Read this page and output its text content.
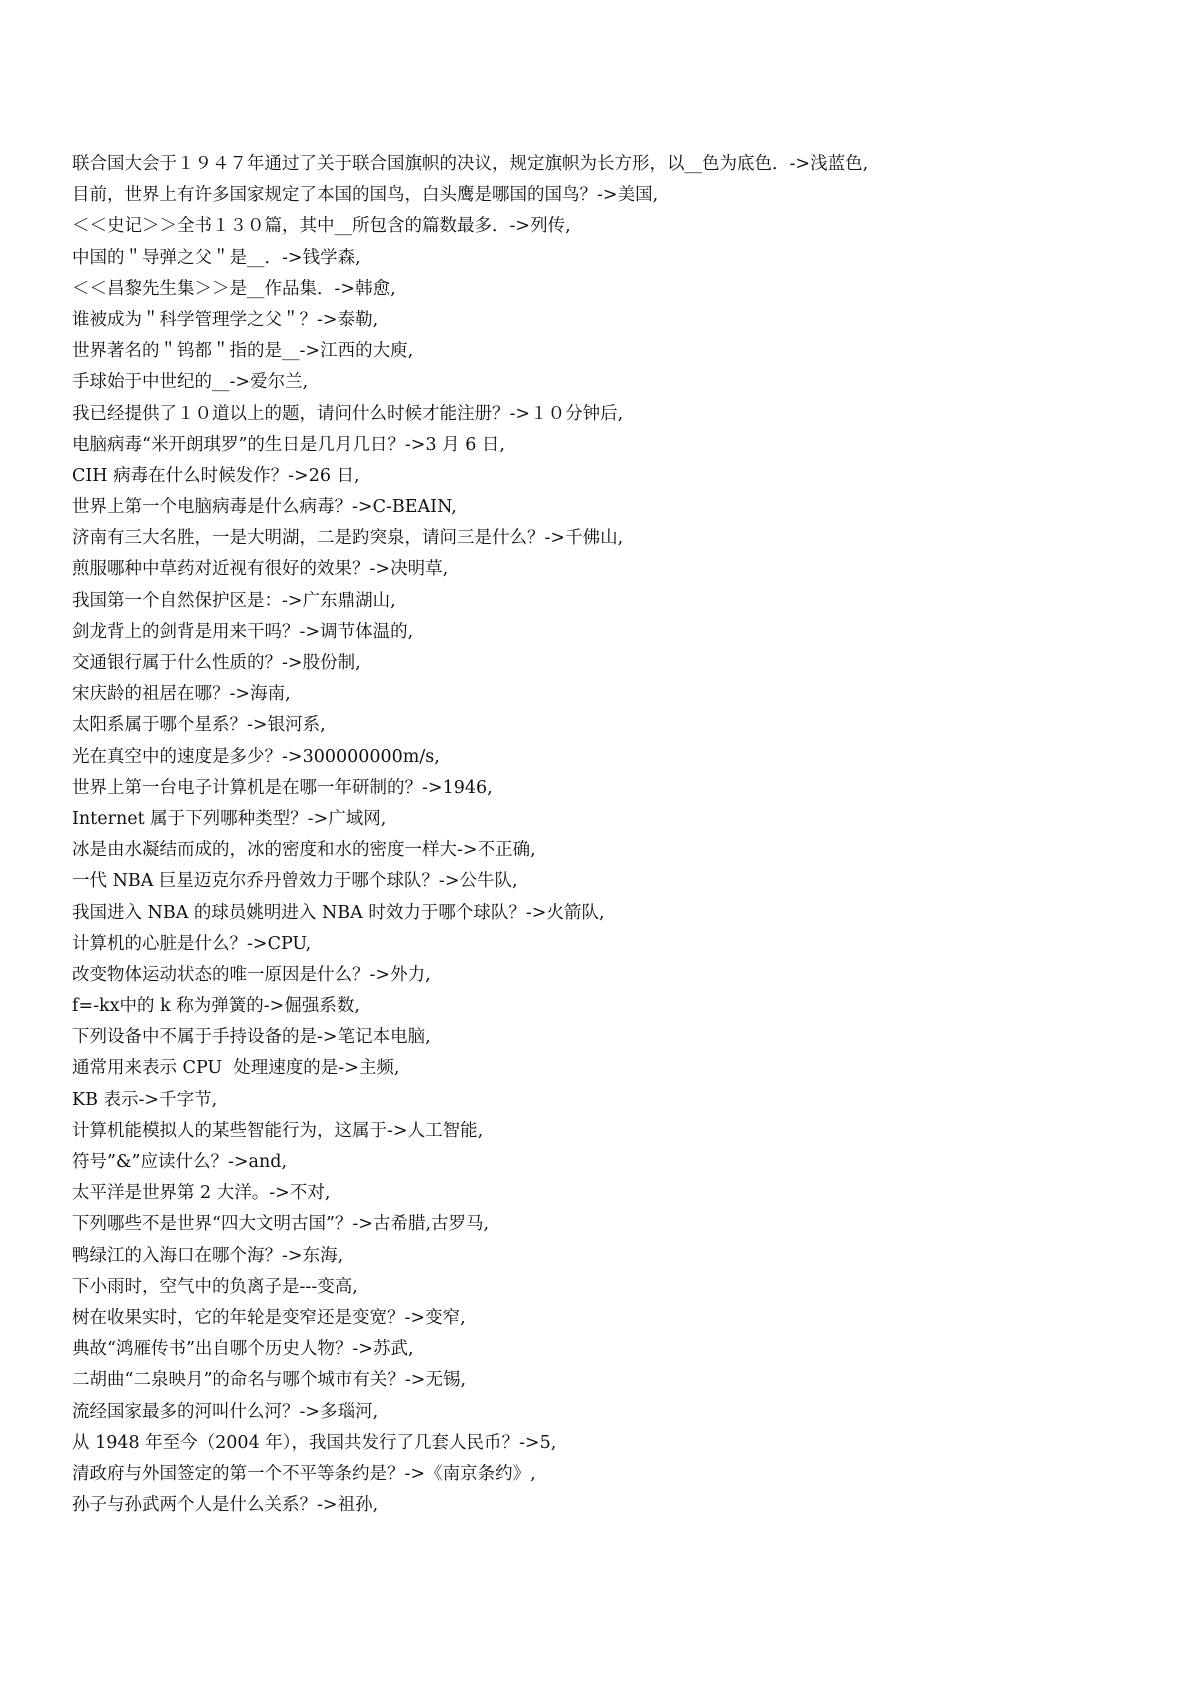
联合国大会于１９４７年通过了关于联合国旗帜的决议，规定旗帜为长方形，以__色为底色．->浅蓝色,
目前，世界上有许多国家规定了本国的国鸟，白头鹰是哪国的国鸟？->美国,
＜＜史记＞＞全书１３０篇，其中__所包含的篇数最多．->列传,
中国的＂导弹之父＂是__．->钱学森,
＜＜昌黎先生集＞＞是__作品集．->韩愈,
谁被成为＂科学管理学之父＂？->泰勒,
世界著名的＂钨都＂指的是__->江西的大庾,
手球始于中世纪的__->爱尔兰,
我已经提供了１０道以上的题，请问什么时候才能注册？->１０分钟后,
电脑病毒“米开朗琪罗”的生日是几月几日？->3 月 6 日,
CIH 病毒在什么时候发作？->26 日,
世界上第一个电脑病毒是什么病毒？->C-BEAIN,
济南有三大名胜，一是大明湖，二是趵突泉，请问三是什么？->千佛山,
煎服哪种中草药对近视有很好的效果？->决明草,
我国第一个自然保护区是：->广东鼎湖山,
剑龙背上的剑背是用来干吗？->调节体温的,
交通银行属于什么性质的？->股份制,
宋庆龄的祖居在哪？->海南,
太阳系属于哪个星系？->银河系,
光在真空中的速度是多少？->300000000m/s,
世界上第一台电子计算机是在哪一年研制的？->1946,
Internet 属于下列哪种类型？->广域网,
冰是由水凝结而成的，冰的密度和水的密度一样大->不正确,
一代 NBA 巨星迈克尔乔丹曾效力于哪个球队？->公牛队,
我国进入 NBA 的球员姚明进入 NBA 时效力于哪个球队？->火箭队,
计算机的心脏是什么？->CPU,
改变物体运动状态的唯一原因是什么？->外力,
f=-kx中的 k 称为弹簧的->倔强系数,
下列设备中不属于手持设备的是->笔记本电脑,
通常用来表示 CPU  处理速度的是->主频,
KB 表示->千字节,
计算机能模拟人的某些智能行为，这属于->人工智能,
符号”&”应读什么？->and,
太平洋是世界第 2 大洋。->不对,
下列哪些不是世界“四大文明古国”？->古希腊,古罗马,
鸭绿江的入海口在哪个海？->东海,
下小雨时，空气中的负离子是---变高,
树在收果实时，它的年轮是变窄还是变宽？->变窄,
典故“鸿雁传书”出自哪个历史人物？->苏武,
二胡曲“二泉映月”的命名与哪个城市有关？->无锡,
流经国家最多的河叫什么河？->多瑙河,
从 1948 年至今（2004 年），我国共发行了几套人民币？->5,
清政府与外国签定的第一个不平等条约是？->《南京条约》,
孙子与孙武两个人是什么关系？->祖孙,
